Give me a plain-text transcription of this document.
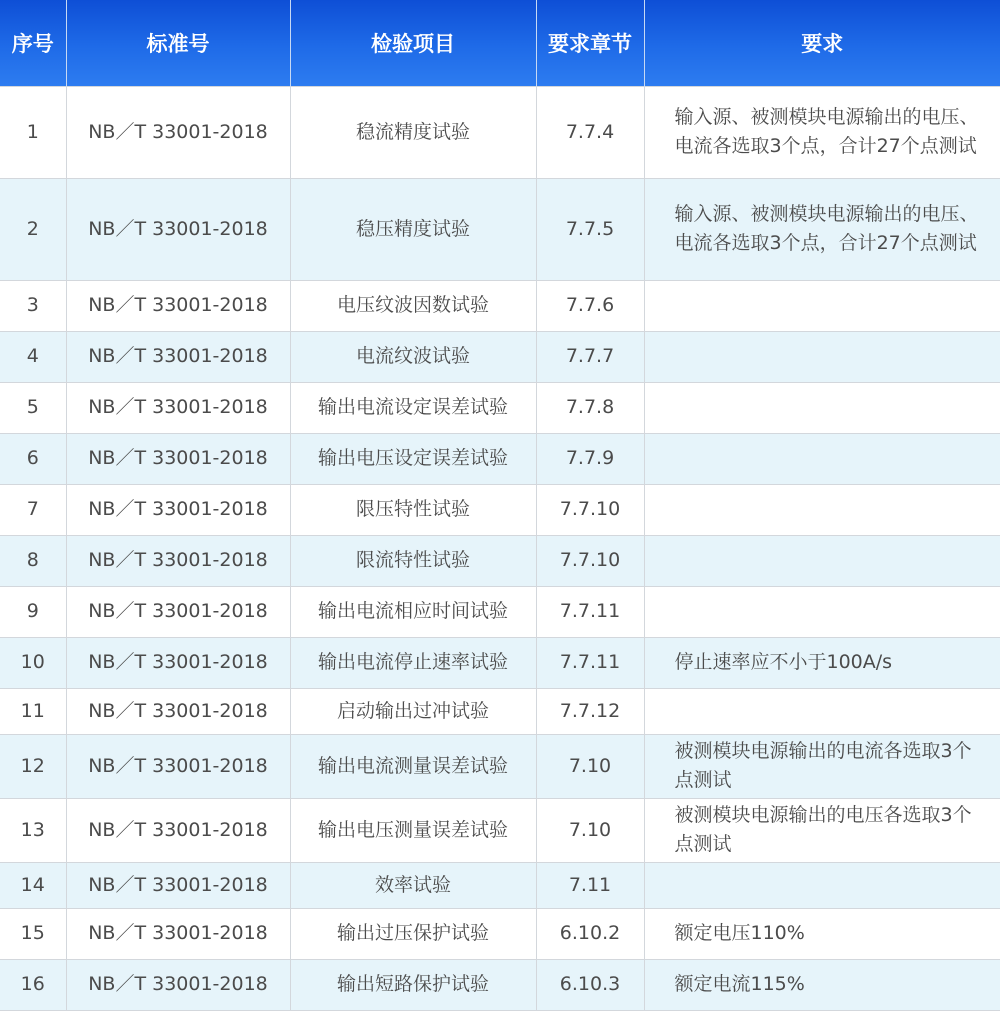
序号	标准号	检验项目	要求章节	要求
1	NB／T 33001-2018	稳流精度试验	7.7.4	输入源、被测模块电源输出的电压、电流各选取3个点，合计27个点测试
2	NB／T 33001-2018	稳压精度试验	7.7.5	输入源、被测模块电源输出的电压、电流各选取3个点，合计27个点测试
3	NB／T 33001-2018	电压纹波因数试验	7.7.6	
4	NB／T 33001-2018	电流纹波试验	7.7.7	
5	NB／T 33001-2018	输出电流设定误差试验	7.7.8	
6	NB／T 33001-2018	输出电压设定误差试验	7.7.9	
7	NB／T 33001-2018	限压特性试验	7.7.10	
8	NB／T 33001-2018	限流特性试验	7.7.10	
9	NB／T 33001-2018	输出电流相应时间试验	7.7.11	
10	NB／T 33001-2018	输出电流停止速率试验	7.7.11	停止速率应不小于100A/s
11	NB／T 33001-2018	启动输出过冲试验	7.7.12	
12	NB／T 33001-2018	输出电流测量误差试验	7.10	被测模块电源输出的电流各选取3个点测试
13	NB／T 33001-2018	输出电压测量误差试验	7.10	被测模块电源输出的电压各选取3个点测试
14	NB／T 33001-2018	效率试验	7.11	
15	NB／T 33001-2018	输出过压保护试验	6.10.2	额定电压110%
16	NB／T 33001-2018	输出短路保护试验	6.10.3	额定电流115%
